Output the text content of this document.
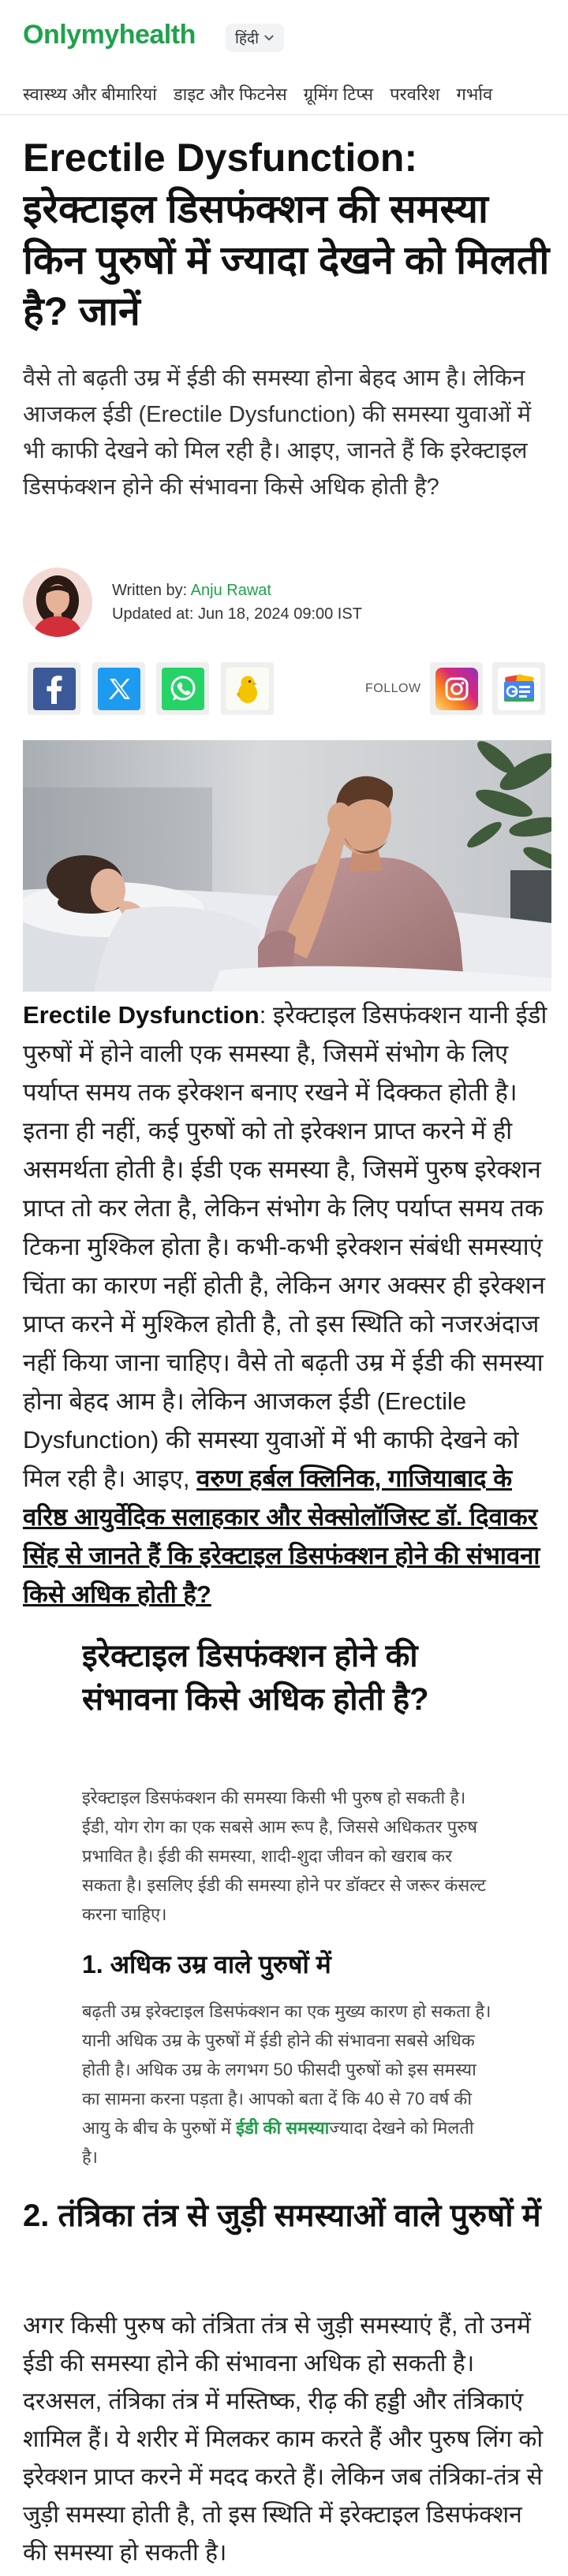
Onlymyhealth	हिंदी
स्वास्थ्य और बीमारियां डाइट और फिटनेस ग्रूमिंग टिप्स परवरिश गर्भाव
Erectile Dysfunction: इरेक्टाइल डिसफंक्शन की समस्या किन पुरुषों में ज्यादा देखने को मिलती है? जानें

वैसे तो बढ़ती उम्र में ईडी की समस्या होना बेहद आम है। लेकिन आजकल ईडी (Erectile Dysfunction) की समस्या युवाओं में भी काफी देखने को मिल रही है। आइए, जानते हैं कि इरेक्टाइल डिसफंक्शन होने की संभावना किसे अधिक होती है?

Written by: Anju Rawat
Updated at: Jun 18, 2024 09:00 IST
FOLLOW

Erectile Dysfunction: इरेक्टाइल डिसफंक्शन यानी ईडी पुरुषों में होने वाली एक समस्या है, जिसमें संभोग के लिए पर्याप्त समय तक इरेक्शन बनाए रखने में दिक्कत होती है। इतना ही नहीं, कई पुरुषों को तो इरेक्शन प्राप्त करने में ही असमर्थता होती है। ईडी एक समस्या है, जिसमें पुरुष इरेक्शन प्राप्त तो कर लेता है, लेकिन संभोग के लिए पर्याप्त समय तक टिकना मुश्किल होता है। कभी-कभी इरेक्शन संबंधी समस्याएं चिंता का कारण नहीं होती है, लेकिन अगर अक्सर ही इरेक्शन प्राप्त करने में मुश्किल होती है, तो इस स्थिति को नजरअंदाज नहीं किया जाना चाहिए। वैसे तो बढ़ती उम्र में ईडी की समस्या होना बेहद आम है। लेकिन आजकल ईडी (Erectile Dysfunction) की समस्या युवाओं में भी काफी देखने को मिल रही है। आइए, वरुण हर्बल क्लिनिक, गाजियाबाद के वरिष्ठ आयुर्वेदिक सलाहकार और सेक्सोलॉजिस्ट डॉ. दिवाकर सिंह से जानते हैं कि इरेक्टाइल डिसफंक्शन होने की संभावना किसे अधिक होती है?

इरेक्टाइल डिसफंक्शन होने की संभावना किसे अधिक होती है?

इरेक्टाइल डिसफंक्शन की समस्या किसी भी पुरुष हो सकती है। ईडी, योग रोग का एक सबसे आम रूप है, जिससे अधिकतर पुरुष प्रभावित है। ईडी की समस्या, शादी-शुदा जीवन को खराब कर सकता है। इसलिए ईडी की समस्या होने पर डॉक्टर से जरूर कंसल्ट करना चाहिए।

1. अधिक उम्र वाले पुरुषों में

बढ़ती उम्र इरेक्टाइल डिसफंक्शन का एक मुख्य कारण हो सकता है। यानी अधिक उम्र के पुरुषों में ईडी होने की संभावना सबसे अधिक होती है। अधिक उम्र के लगभग 50 फीसदी पुरुषों को इस समस्या का सामना करना पड़ता है। आपको बता दें कि 40 से 70 वर्ष की आयु के बीच के पुरुषों में ईडी की समस्याज्यादा देखने को मिलती है।

2. तंत्रिका तंत्र से जुड़ी समस्याओं वाले पुरुषों में

अगर किसी पुरुष को तंत्रिता तंत्र से जुड़ी समस्याएं हैं, तो उनमें ईडी की समस्या होने की संभावना अधिक हो सकती है। दरअसल, तंत्रिका तंत्र में मस्तिष्क, रीढ़ की हड्डी और तंत्रिकाएं शामिल हैं। ये शरीर में मिलकर काम करते हैं और पुरुष लिंग को इरेक्शन प्राप्त करने में मदद करते हैं। लेकिन जब तंत्रिका-तंत्र से जुड़ी समस्या होती है, तो इस स्थिति में इरेक्टाइल डिसफंक्शन की समस्या हो सकती है।
